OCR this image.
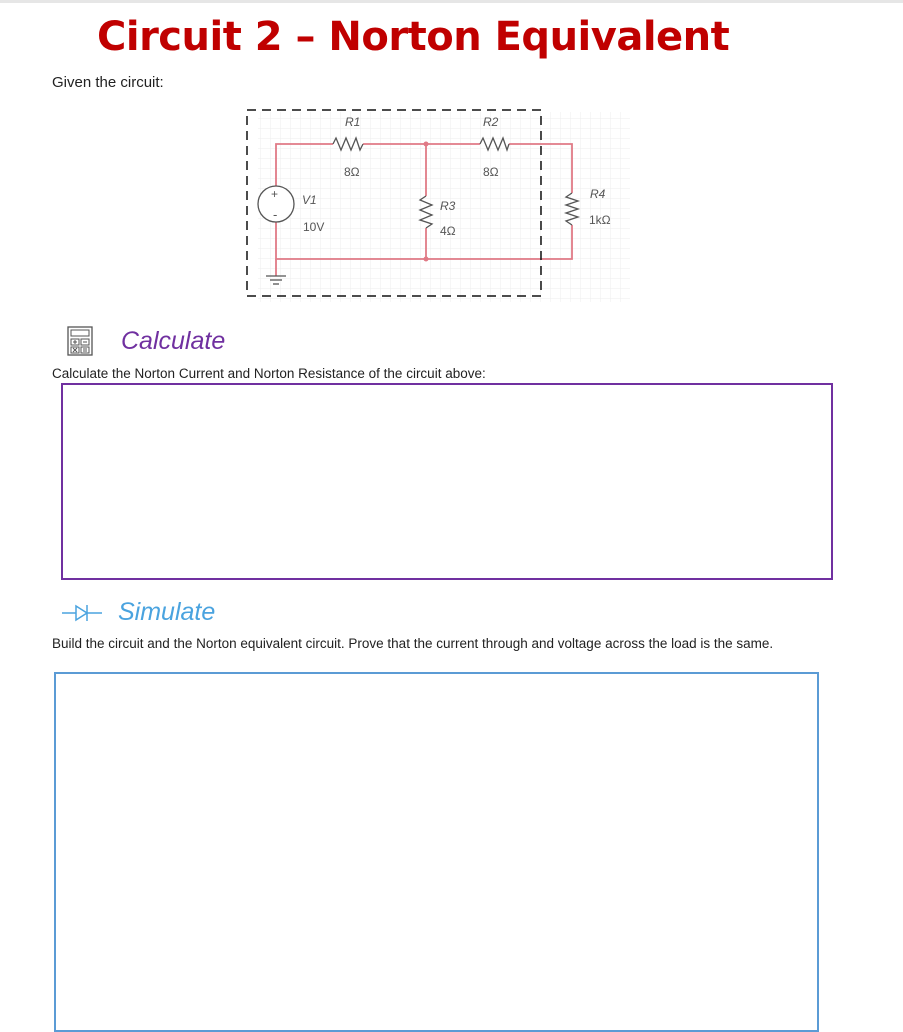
Circuit 2 – Norton Equivalent
Given the circuit:
R1
8Ω
R2
8Ω
R3
4Ω
R4
1kΩ
+
-
V1
10V
Calculate
Calculate the Norton Current and Norton Resistance of the circuit above:
Simulate
Build the circuit and the Norton equivalent circuit. Prove that the current through and voltage across the load is the same.
